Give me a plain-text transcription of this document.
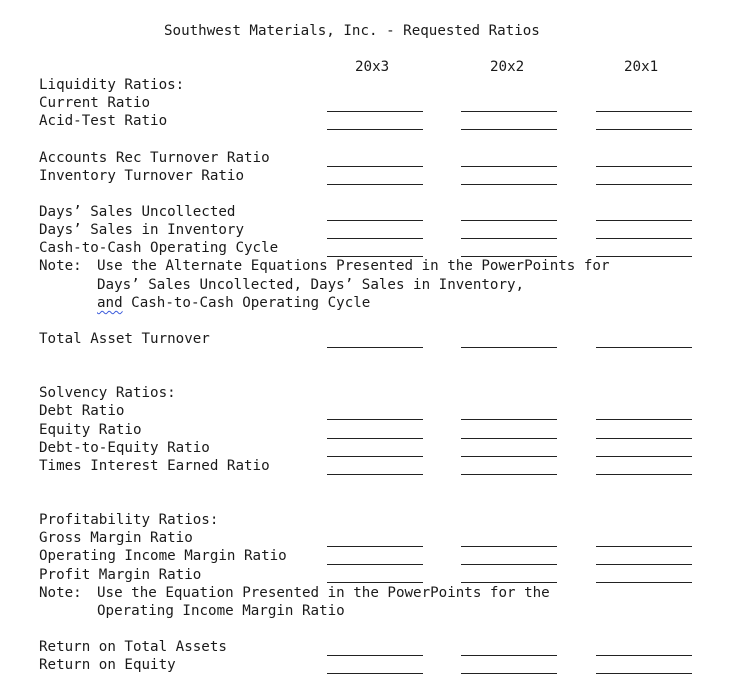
Southwest Materials, Inc. - Requested Ratios
20x3	20x2	20x1
Liquidity Ratios:
Current Ratio
Acid-Test Ratio
Accounts Rec Turnover Ratio
Inventory Turnover Ratio
Days’ Sales Uncollected
Days’ Sales in Inventory
Cash-to-Cash Operating Cycle
Note: Use the Alternate Equations Presented in the PowerPoints for
Days’ Sales Uncollected, Days’ Sales in Inventory,
and Cash-to-Cash Operating Cycle
Total Asset Turnover
Solvency Ratios:
Debt Ratio
Equity Ratio
Debt-to-Equity Ratio
Times Interest Earned Ratio
Profitability Ratios:
Gross Margin Ratio
Operating Income Margin Ratio
Profit Margin Ratio
Note: Use the Equation Presented in the PowerPoints for the
Operating Income Margin Ratio
Return on Total Assets
Return on Equity
